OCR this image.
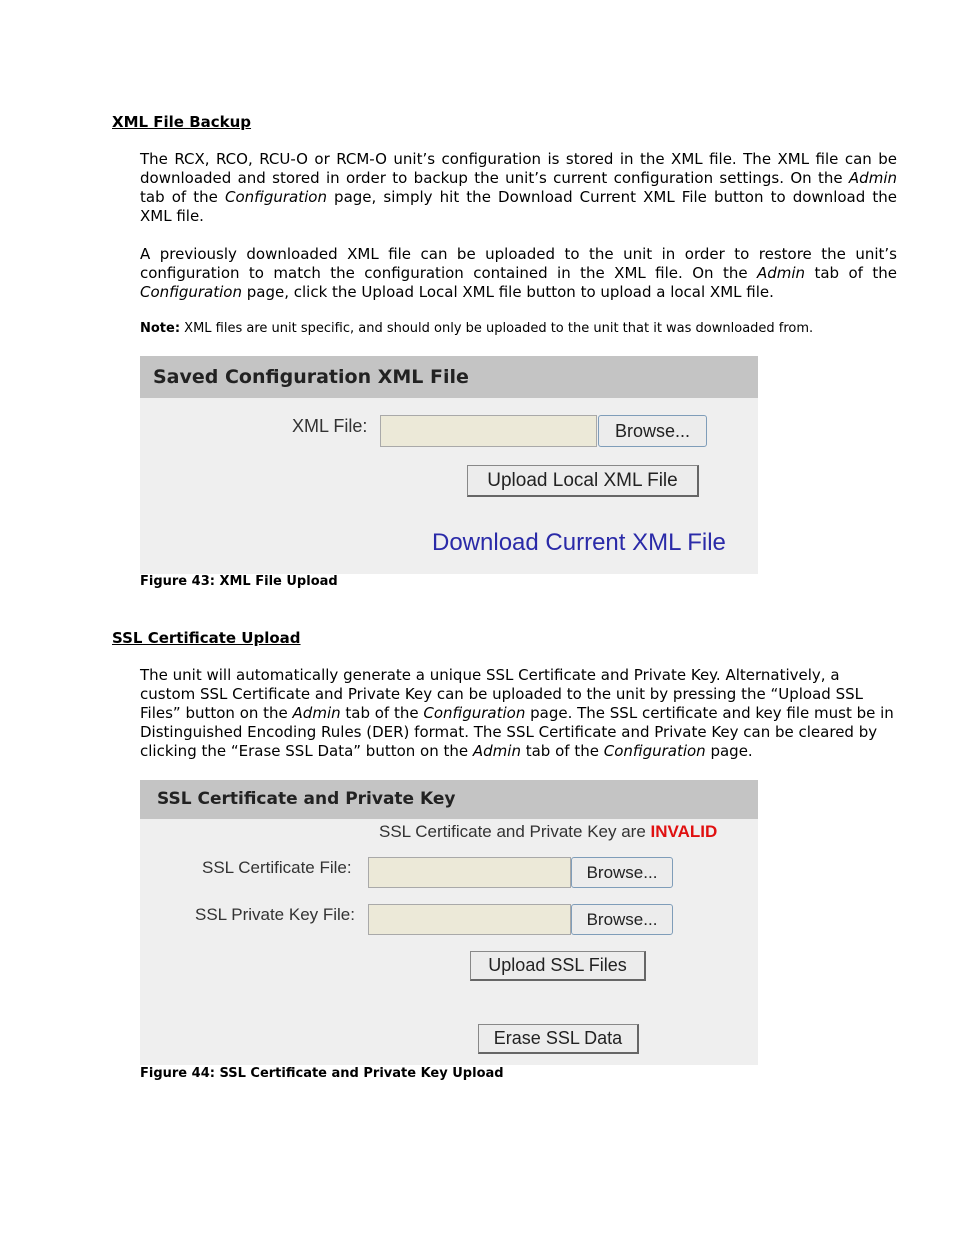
XML File Backup
The RCX, RCO, RCU-O or RCM-O unit’s configuration is stored in the XML file. The XML file can be downloaded and stored in order to backup the unit’s current configuration settings. On the Admin tab of the Configuration page, simply hit the Download Current XML File button to download the XML file.
A previously downloaded XML file can be uploaded to the unit in order to restore the unit’s configuration to match the configuration contained in the XML file. On the Admin tab of the Configuration page, click the Upload Local XML file button to upload a local XML file.
Note: XML files are unit specific, and should only be uploaded to the unit that it was downloaded from.
Saved Configuration XML File
XML File:	Browse...
Upload Local XML File
Download Current XML File
Figure 43: XML File Upload
SSL Certificate Upload
The unit will automatically generate a unique SSL Certificate and Private Key. Alternatively, a custom SSL Certificate and Private Key can be uploaded to the unit by pressing the “Upload SSL Files” button on the Admin tab of the Configuration page. The SSL certificate and key file must be in Distinguished Encoding Rules (DER) format. The SSL Certificate and Private Key can be cleared by clicking the “Erase SSL Data” button on the Admin tab of the Configuration page.
SSL Certificate and Private Key
SSL Certificate and Private Key are INVALID
SSL Certificate File:	Browse...
SSL Private Key File:	Browse...
Upload SSL Files
Erase SSL Data
Figure 44: SSL Certificate and Private Key Upload
